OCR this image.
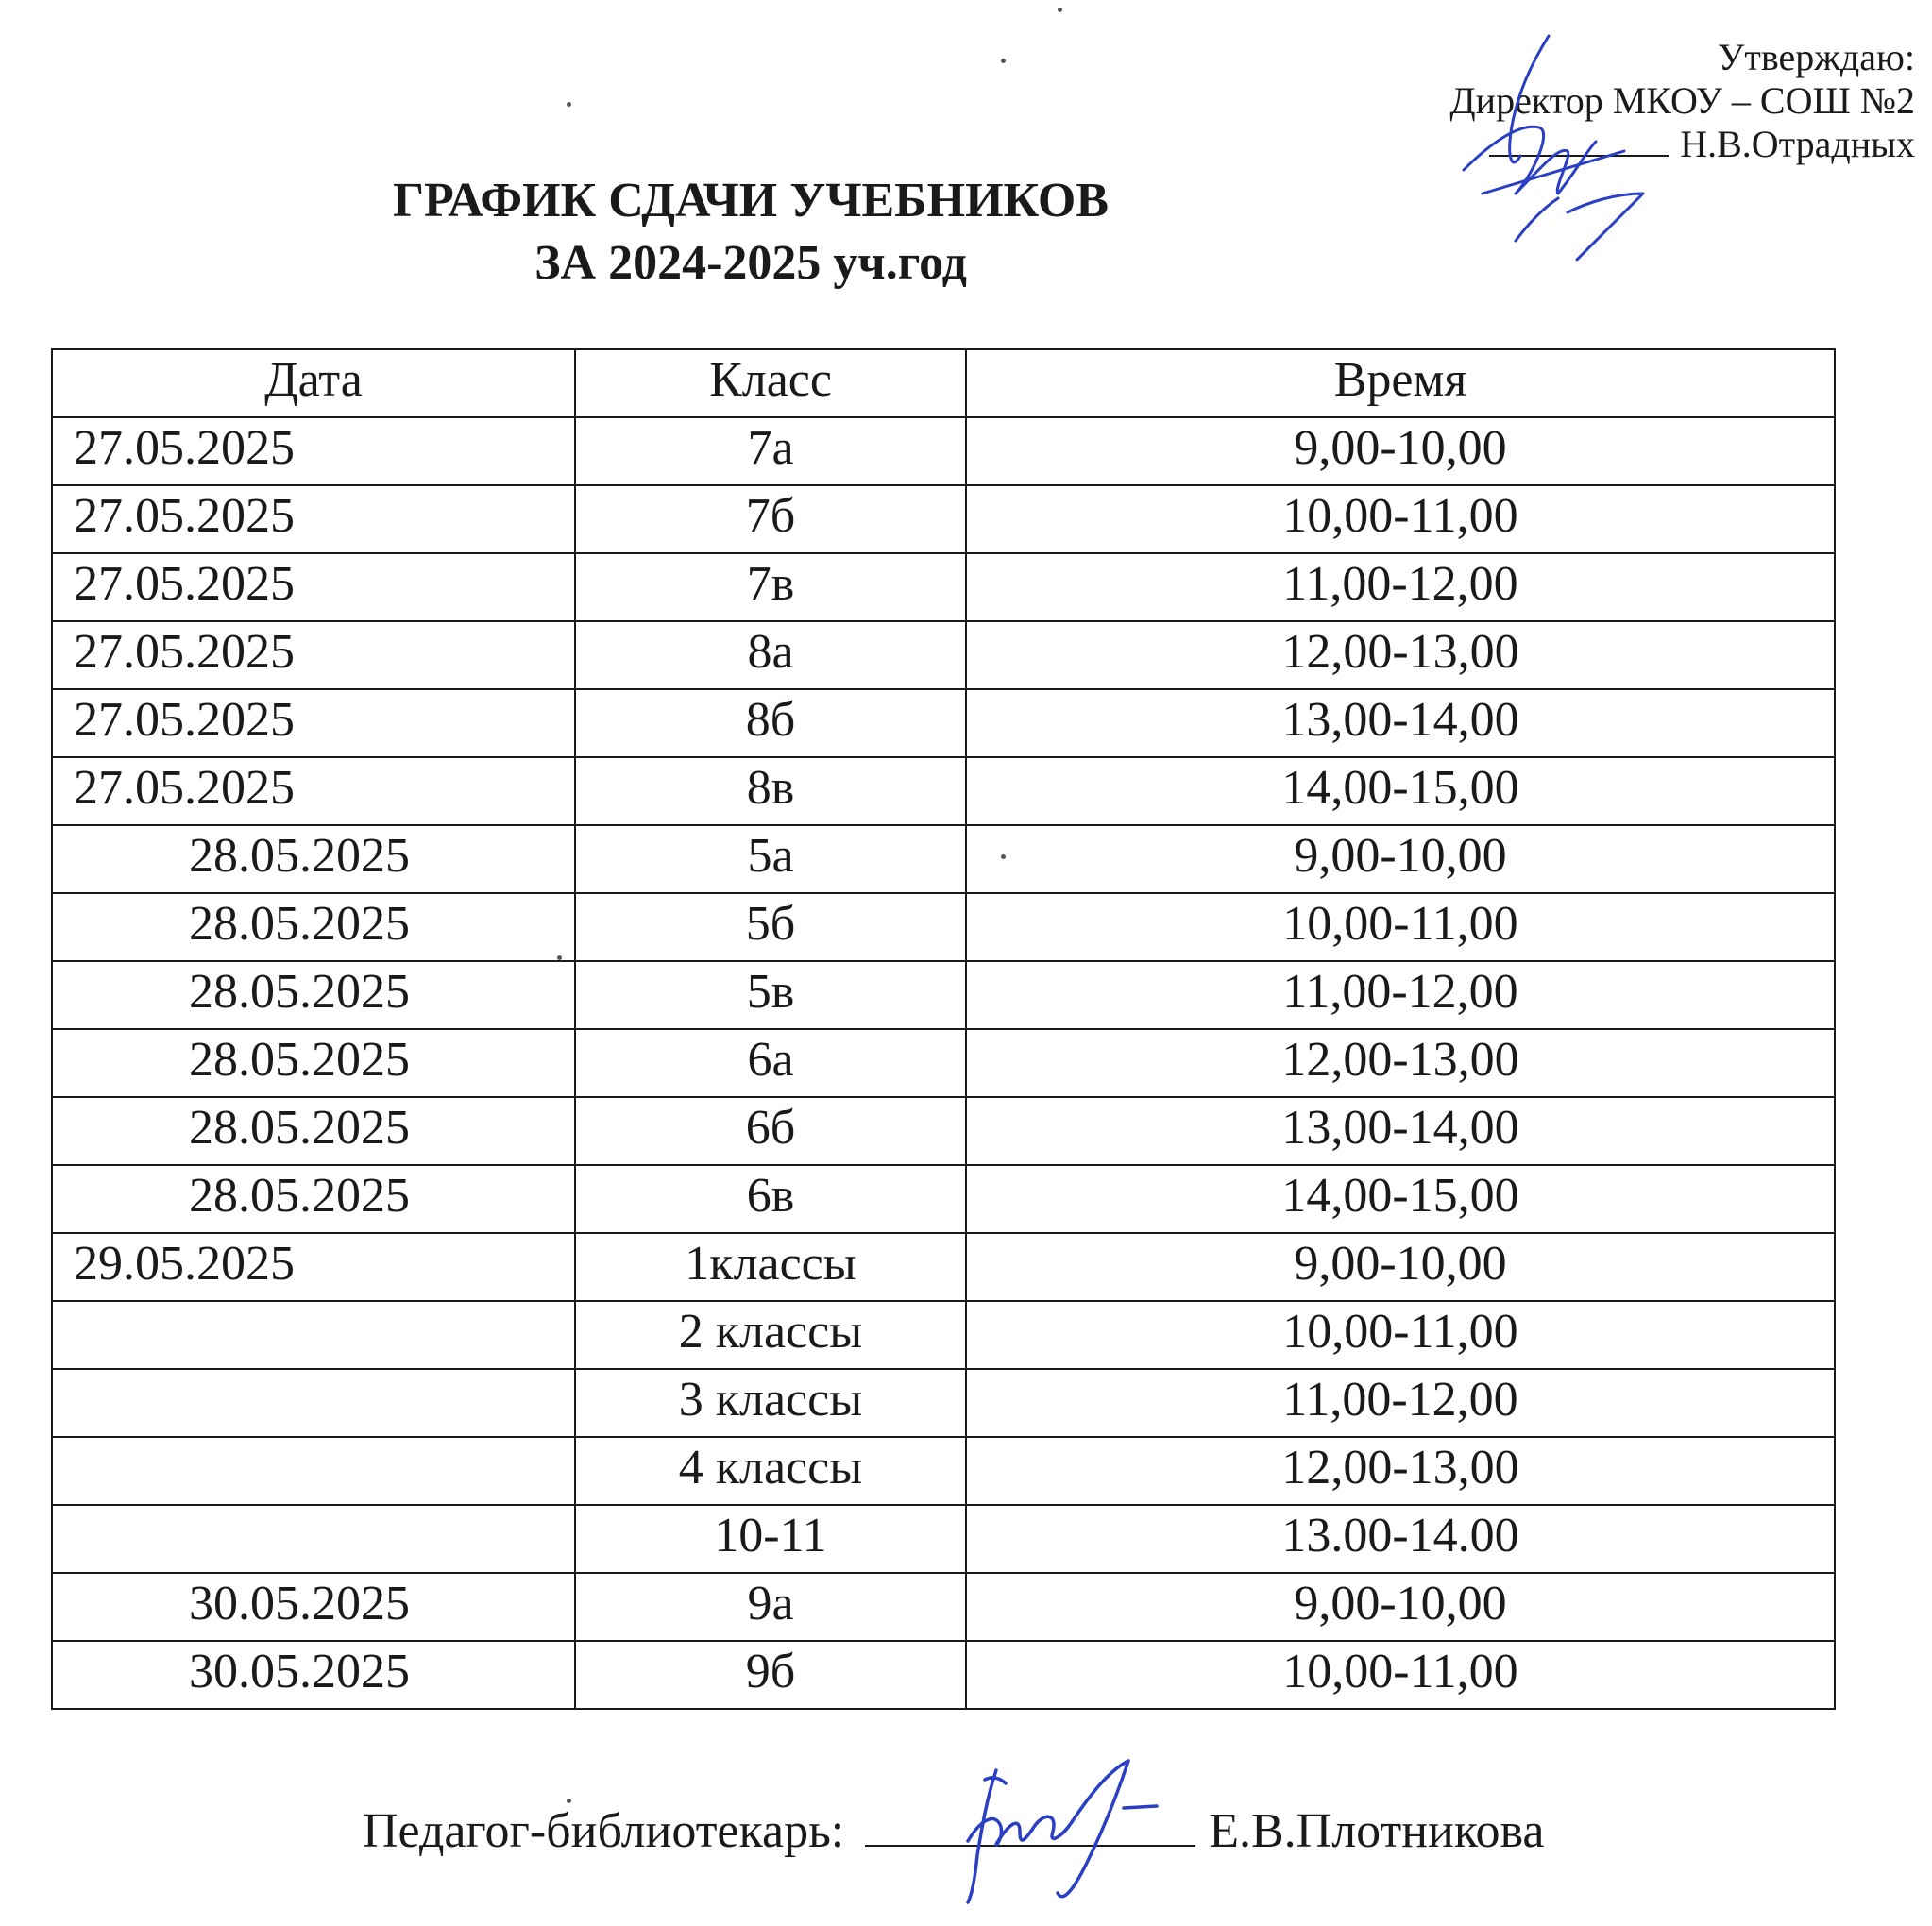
Утверждаю:
Директор МКОУ – СОШ №2
Н.В.Отрадных
ГРАФИК СДАЧИ УЧЕБНИКОВ
ЗА 2024-2025 уч.год
Дата	Класс	Время
27.05.2025	7а	9,00-10,00
27.05.2025	7б	10,00-11,00
27.05.2025	7в	11,00-12,00
27.05.2025	8а	12,00-13,00
27.05.2025	8б	13,00-14,00
27.05.2025	8в	14,00-15,00
28.05.2025	5а	9,00-10,00
28.05.2025	5б	10,00-11,00
28.05.2025	5в	11,00-12,00
28.05.2025	6а	12,00-13,00
28.05.2025	6б	13,00-14,00
28.05.2025	6в	14,00-15,00
29.05.2025	1классы	9,00-10,00
	2 классы	10,00-11,00
	3 классы	11,00-12,00
	4 классы	12,00-13,00
	10-11	13.00-14.00
30.05.2025	9а	9,00-10,00
30.05.2025	9б	10,00-11,00
Педагог-библиотекарь:	Е.В.Плотникова
